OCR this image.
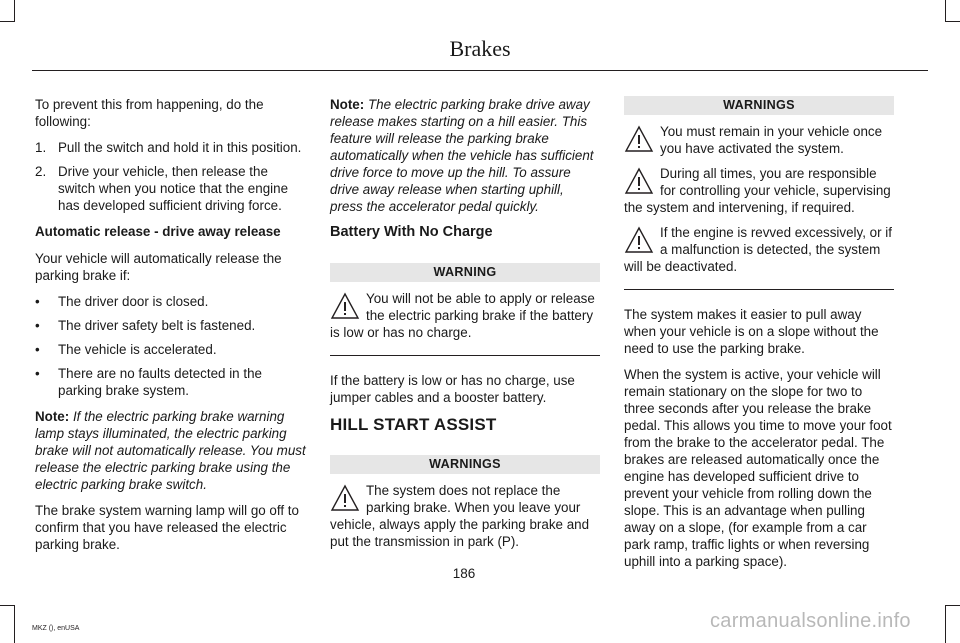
Brakes

To prevent this from happening, do the following:

1. Pull the switch and hold it in this position.
2. Drive your vehicle, then release the switch when you notice that the engine has developed sufficient driving force.

Automatic release - drive away release

Your vehicle will automatically release the parking brake if:

• The driver door is closed.
• The driver safety belt is fastened.
• The vehicle is accelerated.
• There are no faults detected in the parking brake system.

Note: If the electric parking brake warning lamp stays illuminated, the electric parking brake will not automatically release. You must release the electric parking brake using the electric parking brake switch.

The brake system warning lamp will go off to confirm that you have released the electric parking brake.

Note: The electric parking brake drive away release makes starting on a hill easier. This feature will release the parking brake automatically when the vehicle has sufficient drive force to move up the hill. To assure drive away release when starting uphill, press the accelerator pedal quickly.

Battery With No Charge
WARNING
You will not be able to apply or release the electric parking brake if the battery is low or has no charge.

If the battery is low or has no charge, use jumper cables and a booster battery.

HILL START ASSIST
WARNINGS
The system does not replace the parking brake. When you leave your vehicle, always apply the parking brake and put the transmission in park (P).
WARNINGS
You must remain in your vehicle once you have activated the system.
During all times, you are responsible for controlling your vehicle, supervising the system and intervening, if required.
If the engine is revved excessively, or if a malfunction is detected, the system will be deactivated.

The system makes it easier to pull away when your vehicle is on a slope without the need to use the parking brake.

When the system is active, your vehicle will remain stationary on the slope for two to three seconds after you release the brake pedal. This allows you time to move your foot from the brake to the accelerator pedal. The brakes are released automatically once the engine has developed sufficient drive to prevent your vehicle from rolling down the slope. This is an advantage when pulling away on a slope, (for example from a car park ramp, traffic lights or when reversing uphill into a parking space).

186
MKZ (), enUSA	carmanualsonline.info
